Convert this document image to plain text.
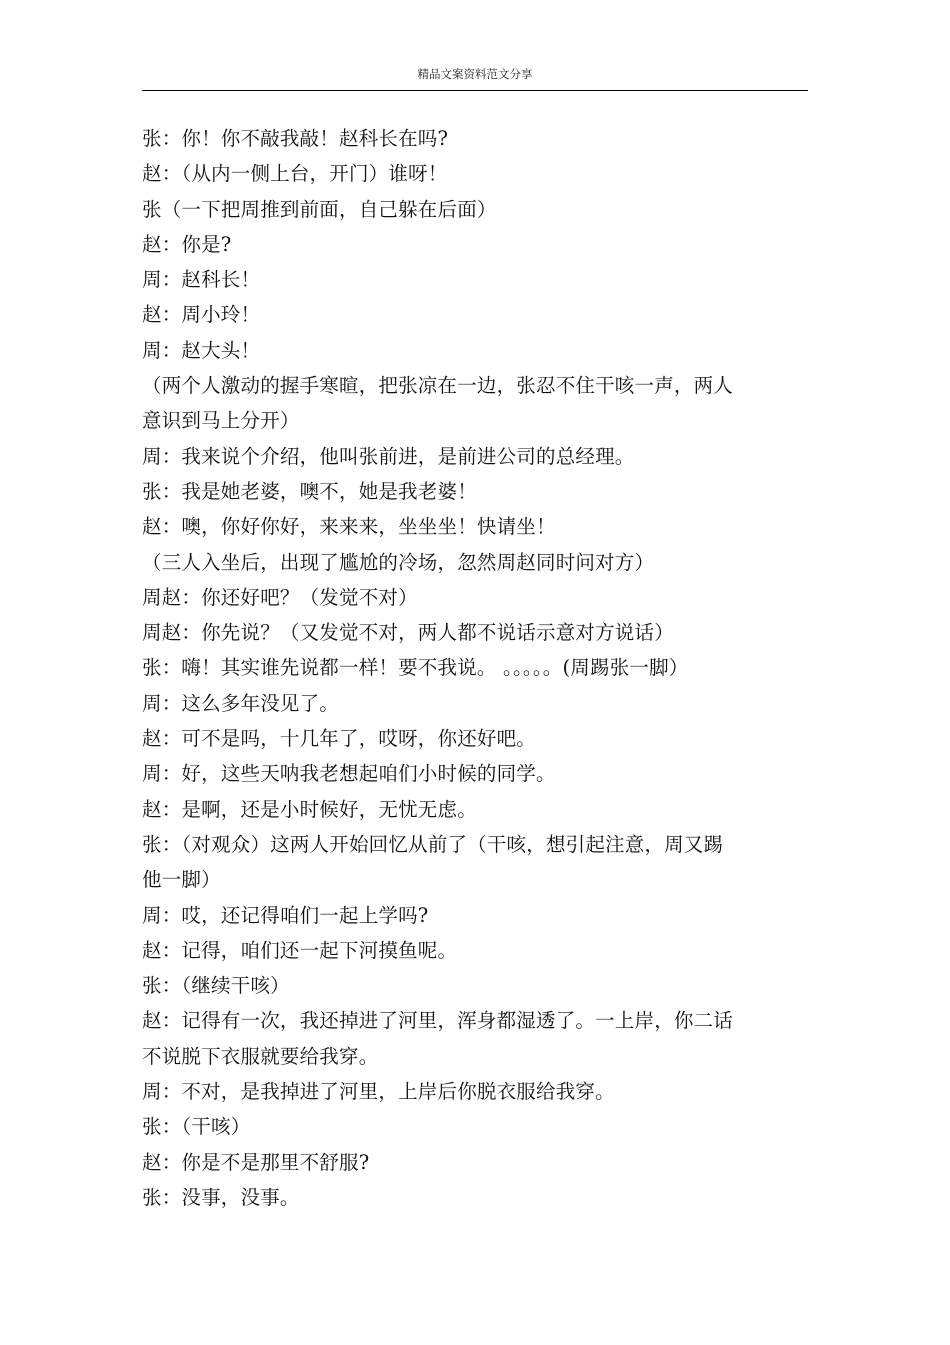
精品文案资料范文分享
张：你！你不敲我敲！赵科长在吗?
赵：（从内一侧上台，开门）谁呀！
张（一下把周推到前面，自己躲在后面）
赵：你是?
周：赵科长！
赵：周小玲！
周：赵大头！
（两个人激动的握手寒暄，把张凉在一边，张忍不住干咳一声，两人
意识到马上分开）
周：我来说个介绍，他叫张前进，是前进公司的总经理。
张：我是她老婆，噢不，她是我老婆！
赵：噢，你好你好，来来来，坐坐坐！快请坐！
（三人入坐后，出现了尴尬的冷场，忽然周赵同时问对方）
周赵：你还好吧？（发觉不对）
周赵：你先说？（又发觉不对，两人都不说话示意对方说话）
张：嗨！其实谁先说都一样！要不我说。 。。。。。(周踢张一脚）
周：这么多年没见了。
赵：可不是吗，十几年了，哎呀，你还好吧。
周：好，这些天呐我老想起咱们小时候的同学。
赵：是啊，还是小时候好，无忧无虑。
张：（对观众）这两人开始回忆从前了（干咳，想引起注意，周又踢
他一脚）
周：哎，还记得咱们一起上学吗?
赵：记得，咱们还一起下河摸鱼呢。
张：（继续干咳）
赵：记得有一次，我还掉进了河里，浑身都湿透了。一上岸，你二话
不说脱下衣服就要给我穿。
周：不对，是我掉进了河里，上岸后你脱衣服给我穿。
张：（干咳）
赵：你是不是那里不舒服?
张：没事，没事。
